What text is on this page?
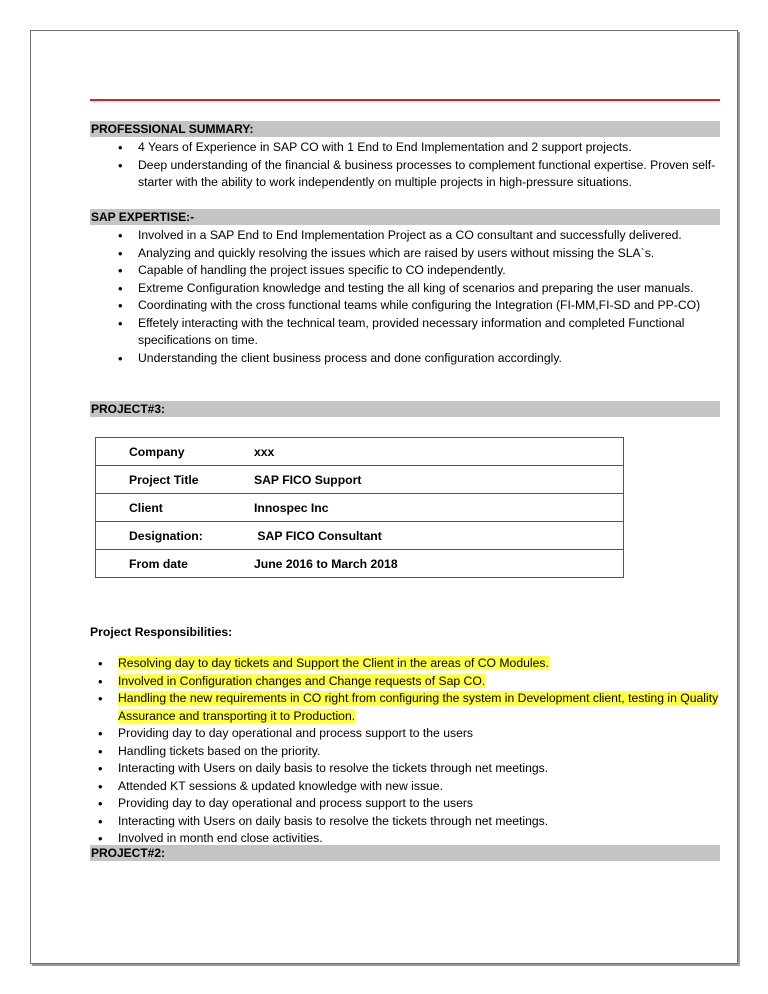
PROFESSIONAL SUMMARY:
• 4 Years of Experience in SAP CO with 1 End to End Implementation and 2 support projects.
• Deep understanding of the financial & business processes to complement functional expertise. Proven self-starter with the ability to work independently on multiple projects in high-pressure situations.
SAP EXPERTISE:-
• Involved in a SAP End to End Implementation Project as a CO consultant and successfully delivered.
• Analyzing and quickly resolving the issues which are raised by users without missing the SLA`s.
• Capable of handling the project issues specific to CO independently.
• Extreme Configuration knowledge and testing the all king of scenarios and preparing the user manuals.
• Coordinating with the cross functional teams while configuring the Integration (FI-MM,FI-SD and PP-CO)
• Effetely interacting with the technical team, provided necessary information and completed Functional specifications on time.
• Understanding the client business process and done configuration accordingly.
PROJECT#3:
Company	xxx
Project Title	SAP FICO Support
Client	Innospec Inc
Designation:	SAP FICO Consultant
From date	June 2016 to March 2018
Project Responsibilities:
• Resolving day to day tickets and Support the Client in the areas of CO Modules.
• Involved in Configuration changes and Change requests of Sap CO.
• Handling the new requirements in CO right from configuring the system in Development client, testing in Quality Assurance and transporting it to Production.
• Providing day to day operational and process support to the users
• Handling tickets based on the priority.
• Interacting with Users on daily basis to resolve the tickets through net meetings.
• Attended KT sessions & updated knowledge with new issue.
• Providing day to day operational and process support to the users
• Interacting with Users on daily basis to resolve the tickets through net meetings.
• Involved in month end close activities.
PROJECT#2:
